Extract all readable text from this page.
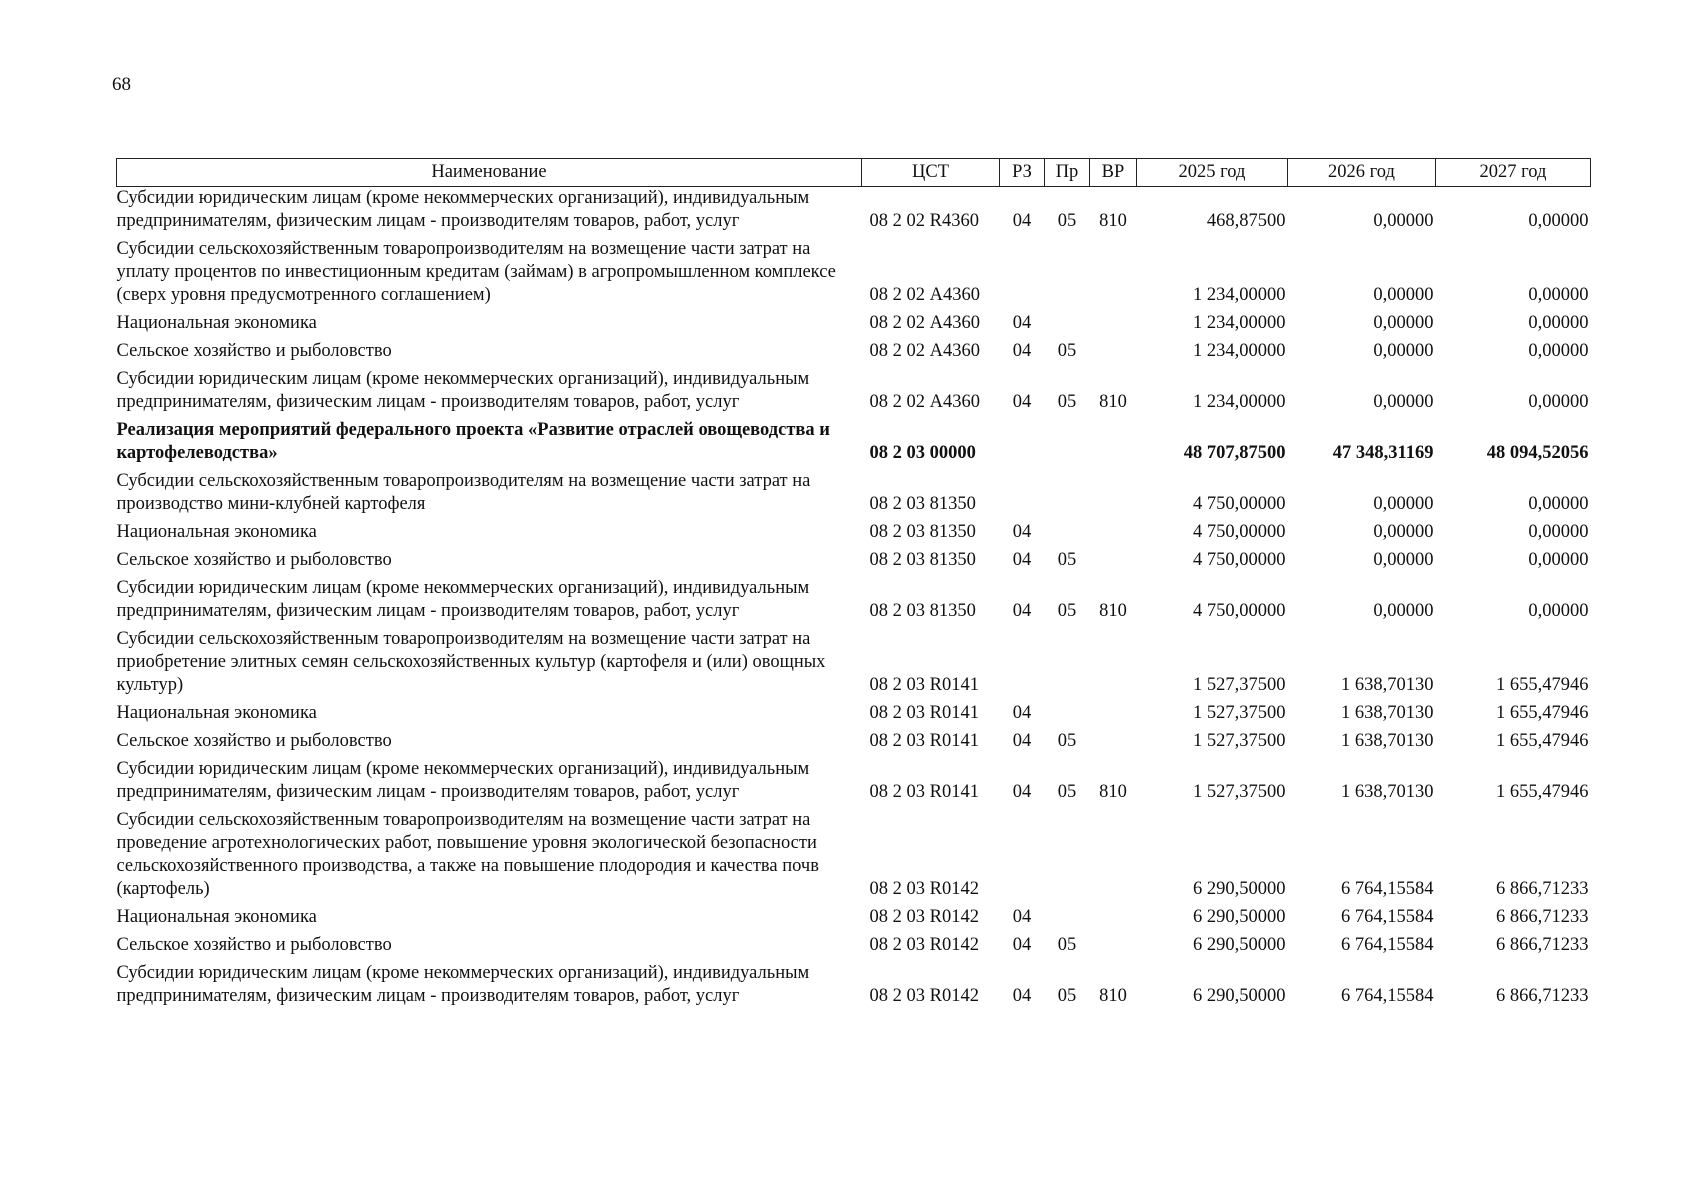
68
Наименование	ЦСТ	РЗ	Пр	ВР	2025 год	2026 год	2027 год
Субсидии юридическим лицам (кроме некоммерческих организаций), индивидуальным предпринимателям, физическим лицам - производителям товаров, работ, услуг	08 2 02 R4360	04	05	810	468,87500	0,00000	0,00000
Субсидии сельскохозяйственным товаропроизводителям на возмещение части затрат на уплату процентов по инвестиционным кредитам (займам) в агропромышленном комплексе (сверх уровня предусмотренного соглашением)	08 2 02 А4360				1 234,00000	0,00000	0,00000
Национальная экономика	08 2 02 А4360	04			1 234,00000	0,00000	0,00000
Сельское хозяйство и рыболовство	08 2 02 А4360	04	05		1 234,00000	0,00000	0,00000
Субсидии юридическим лицам (кроме некоммерческих организаций), индивидуальным предпринимателям, физическим лицам - производителям товаров, работ, услуг	08 2 02 А4360	04	05	810	1 234,00000	0,00000	0,00000
Реализация мероприятий федерального проекта «Развитие отраслей овощеводства и картофелеводства»	08 2 03 00000				48 707,87500	47 348,31169	48 094,52056
Субсидии сельскохозяйственным товаропроизводителям на возмещение части затрат на производство мини-клубней картофеля	08 2 03 81350				4 750,00000	0,00000	0,00000
Национальная экономика	08 2 03 81350	04			4 750,00000	0,00000	0,00000
Сельское хозяйство и рыболовство	08 2 03 81350	04	05		4 750,00000	0,00000	0,00000
Субсидии юридическим лицам (кроме некоммерческих организаций), индивидуальным предпринимателям, физическим лицам - производителям товаров, работ, услуг	08 2 03 81350	04	05	810	4 750,00000	0,00000	0,00000
Субсидии сельскохозяйственным товаропроизводителям на возмещение части затрат на приобретение элитных семян сельскохозяйственных культур (картофеля и (или) овощных культур)	08 2 03 R0141				1 527,37500	1 638,70130	1 655,47946
Национальная экономика	08 2 03 R0141	04			1 527,37500	1 638,70130	1 655,47946
Сельское хозяйство и рыболовство	08 2 03 R0141	04	05		1 527,37500	1 638,70130	1 655,47946
Субсидии юридическим лицам (кроме некоммерческих организаций), индивидуальным предпринимателям, физическим лицам - производителям товаров, работ, услуг	08 2 03 R0141	04	05	810	1 527,37500	1 638,70130	1 655,47946
Субсидии сельскохозяйственным товаропроизводителям на возмещение части затрат на проведение агротехнологических работ, повышение уровня экологической безопасности сельскохозяйственного производства, а также на повышение плодородия и качества почв (картофель)	08 2 03 R0142				6 290,50000	6 764,15584	6 866,71233
Национальная экономика	08 2 03 R0142	04			6 290,50000	6 764,15584	6 866,71233
Сельское хозяйство и рыболовство	08 2 03 R0142	04	05		6 290,50000	6 764,15584	6 866,71233
Субсидии юридическим лицам (кроме некоммерческих организаций), индивидуальным предпринимателям, физическим лицам - производителям товаров, работ, услуг	08 2 03 R0142	04	05	810	6 290,50000	6 764,15584	6 866,71233
